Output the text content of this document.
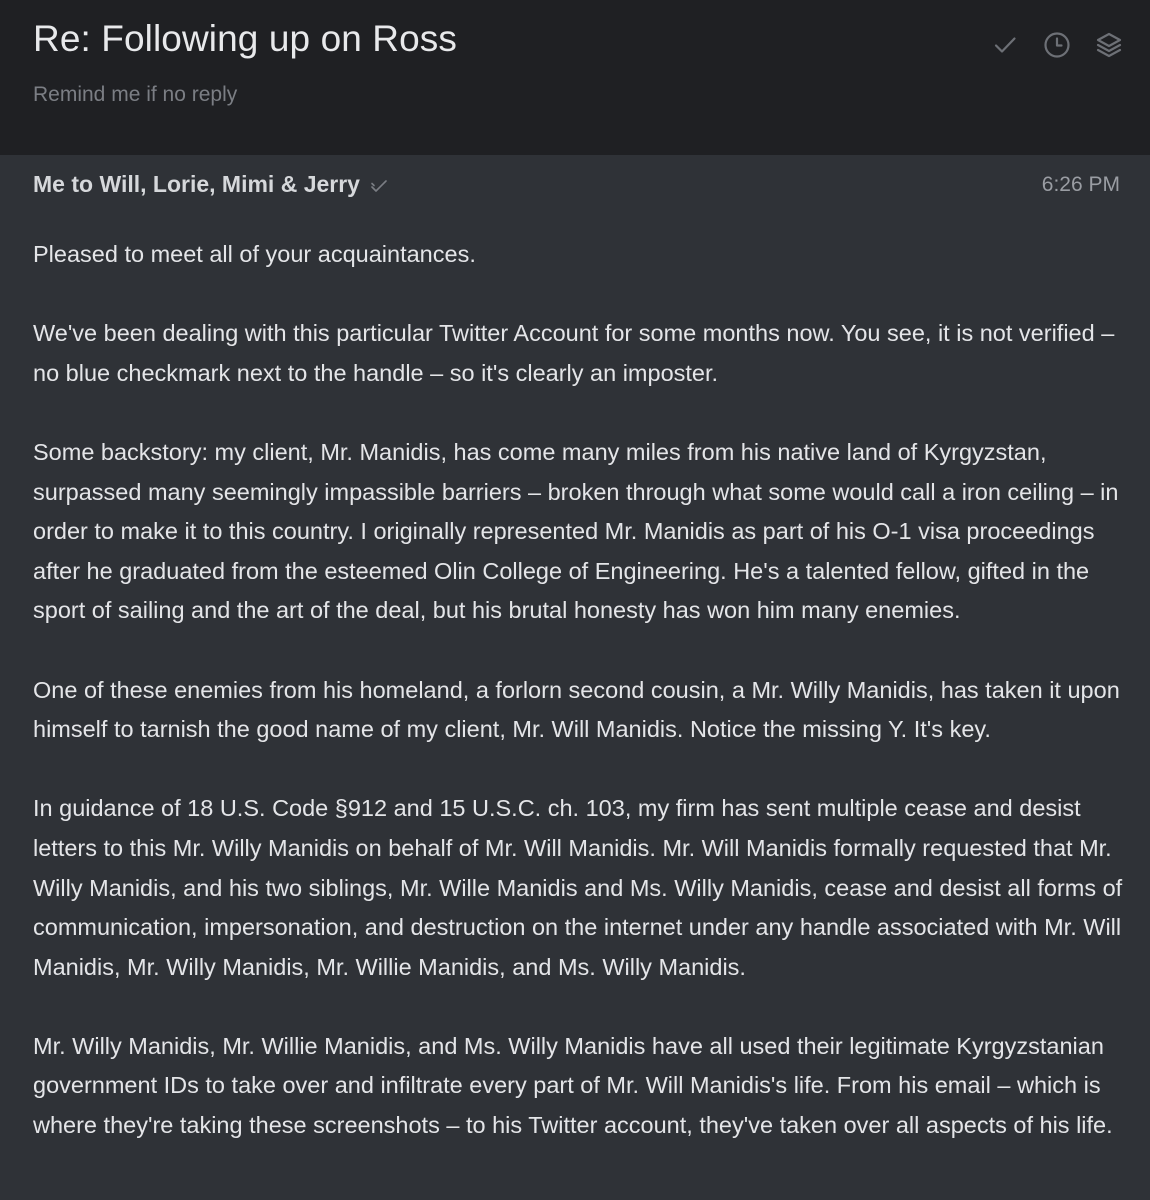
Re: Following up on Ross
Remind me if no reply
Me to Will, Lorie, Mimi & Jerry	6:26 PM

Pleased to meet all of your acquaintances.

We've been dealing with this particular Twitter Account for some months now. You see, it is not verified – no blue checkmark next to the handle – so it's clearly an imposter.

Some backstory: my client, Mr. Manidis, has come many miles from his native land of Kyrgyzstan, surpassed many seemingly impassible barriers – broken through what some would call a iron ceiling – in order to make it to this country. I originally represented Mr. Manidis as part of his O-1 visa proceedings after he graduated from the esteemed Olin College of Engineering. He's a talented fellow, gifted in the sport of sailing and the art of the deal, but his brutal honesty has won him many enemies.

One of these enemies from his homeland, a forlorn second cousin, a Mr. Willy Manidis, has taken it upon himself to tarnish the good name of my client, Mr. Will Manidis. Notice the missing Y. It's key.

In guidance of 18 U.S. Code §912 and 15 U.S.C. ch. 103, my firm has sent multiple cease and desist letters to this Mr. Willy Manidis on behalf of Mr. Will Manidis. Mr. Will Manidis formally requested that Mr. Willy Manidis, and his two siblings, Mr. Wille Manidis and Ms. Willy Manidis, cease and desist all forms of communication, impersonation, and destruction on the internet under any handle associated with Mr. Will Manidis, Mr. Willy Manidis, Mr. Willie Manidis, and Ms. Willy Manidis.

Mr. Willy Manidis, Mr. Willie Manidis, and Ms. Willy Manidis have all used their legitimate Kyrgyzstanian government IDs to take over and infiltrate every part of Mr. Will Manidis's life. From his email – which is where they're taking these screenshots – to his Twitter account, they've taken over all aspects of his life.
